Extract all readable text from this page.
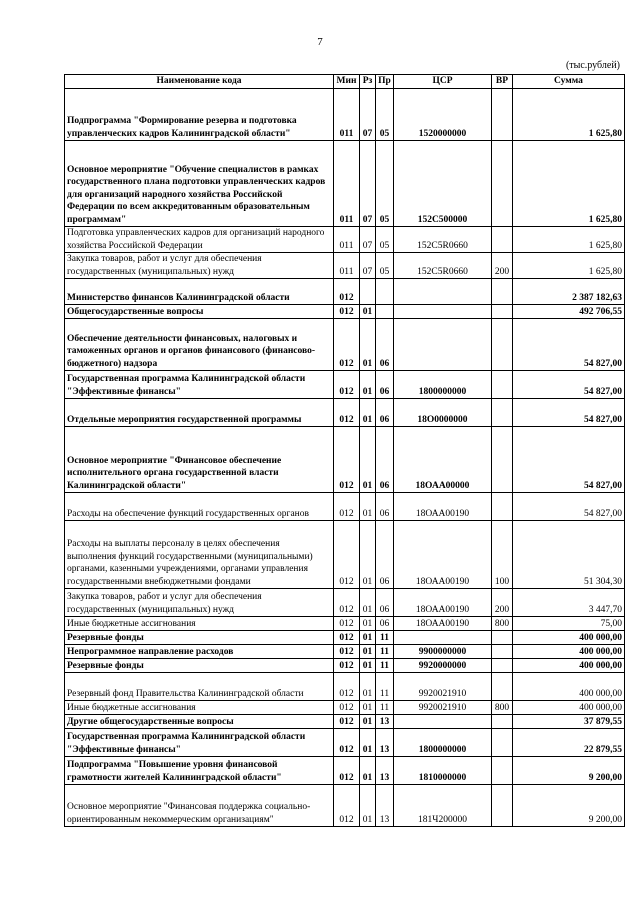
7
(тыс.рублей)
Наименование кода	Мин	Рз	Пр	ЦСР	ВР	Сумма
Подпрограмма "Формирование резерва и подготовка управленческих кадров Калининградской области"	011	07	05	1520000000		1 625,80
Основное мероприятие "Обучение специалистов в рамках государственного плана подготовки управленческих кадров для организаций народного хозяйства Российской Федерации по всем аккредитованным образовательным программам"	011	07	05	152С500000		1 625,80
Подготовка управленческих кадров для организаций народного хозяйства Российской Федерации	011	07	05	152С5R0660		1 625,80
Закупка товаров, работ и услуг для обеспечения государственных (муниципальных) нужд	011	07	05	152С5R0660	200	1 625,80
Министерство финансов Калининградской области	012					2 387 182,63
Общегосударственные вопросы	012	01				492 706,55
Обеспечение деятельности финансовых, налоговых и таможенных органов и органов финансового (финансово-бюджетного) надзора	012	01	06			54 827,00
Государственная программа Калининградской области "Эффективные финансы"	012	01	06	1800000000		54 827,00
Отдельные мероприятия государственной программы	012	01	06	18О0000000		54 827,00
Основное мероприятие "Финансовое обеспечение исполнительного органа государственной власти Калининградской области"	012	01	06	18ОАА00000		54 827,00
Расходы на обеспечение функций государственных органов	012	01	06	18ОАА00190		54 827,00
Расходы на выплаты персоналу в целях обеспечения выполнения функций государственными (муниципальными) органами, казенными учреждениями, органами управления государственными внебюджетными фондами	012	01	06	18ОАА00190	100	51 304,30
Закупка товаров, работ и услуг для обеспечения государственных (муниципальных) нужд	012	01	06	18ОАА00190	200	3 447,70
Иные бюджетные ассигнования	012	01	06	18ОАА00190	800	75,00
Резервные фонды	012	01	11			400 000,00
Непрограммное направление расходов	012	01	11	9900000000		400 000,00
Резервные фонды	012	01	11	9920000000		400 000,00
Резервный фонд Правительства Калининградской области	012	01	11	9920021910		400 000,00
Иные бюджетные ассигнования	012	01	11	9920021910	800	400 000,00
Другие общегосударственные вопросы	012	01	13			37 879,55
Государственная программа Калининградской области "Эффективные финансы"	012	01	13	1800000000		22 879,55
Подпрограмма "Повышение уровня финансовой грамотности жителей Калининградской области"	012	01	13	1810000000		9 200,00
Основное мероприятие "Финансовая поддержка социально-ориентированным некоммерческим организациям"	012	01	13	181Ч200000		9 200,00
